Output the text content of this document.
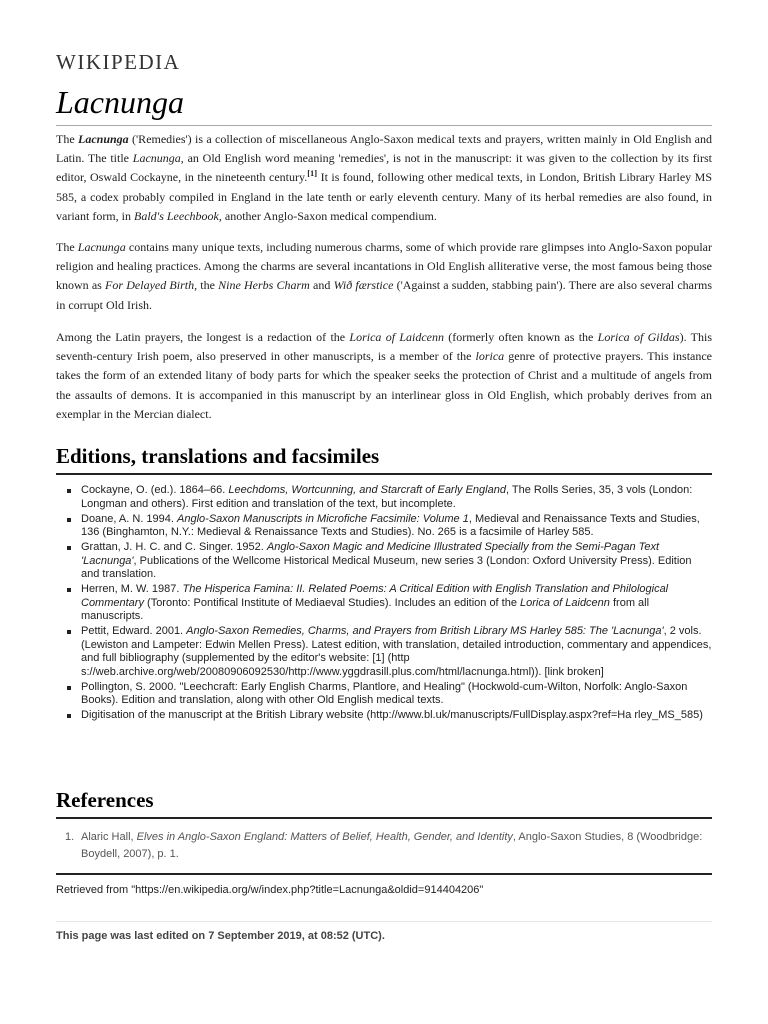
WIKIPEDIA
Lacnunga

The Lacnunga ('Remedies') is a collection of miscellaneous Anglo-Saxon medical texts and prayers, written mainly in Old English and Latin. The title Lacnunga, an Old English word meaning 'remedies', is not in the manuscript: it was given to the collection by its first editor, Oswald Cockayne, in the nineteenth century.[1] It is found, following other medical texts, in London, British Library Harley MS 585, a codex probably compiled in England in the late tenth or early eleventh century. Many of its herbal remedies are also found, in variant form, in Bald's Leechbook, another Anglo-Saxon medical compendium.

The Lacnunga contains many unique texts, including numerous charms, some of which provide rare glimpses into Anglo-Saxon popular religion and healing practices. Among the charms are several incantations in Old English alliterative verse, the most famous being those known as For Delayed Birth, the Nine Herbs Charm and Wið færstice ('Against a sudden, stabbing pain'). There are also several charms in corrupt Old Irish.

Among the Latin prayers, the longest is a redaction of the Lorica of Laidcenn (formerly often known as the Lorica of Gildas). This seventh-century Irish poem, also preserved in other manuscripts, is a member of the lorica genre of protective prayers. This instance takes the form of an extended litany of body parts for which the speaker seeks the protection of Christ and a multitude of angels from the assaults of demons. It is accompanied in this manuscript by an interlinear gloss in Old English, which probably derives from an exemplar in the Mercian dialect.

Editions, translations and facsimiles
Cockayne, O. (ed.). 1864–66. Leechdoms, Wortcunning, and Starcraft of Early England, The Rolls Series, 35, 3 vols (London: Longman and others). First edition and translation of the text, but incomplete.
Doane, A. N. 1994. Anglo-Saxon Manuscripts in Microfiche Facsimile: Volume 1, Medieval and Renaissance Texts and Studies, 136 (Binghamton, N.Y.: Medieval & Renaissance Texts and Studies). No. 265 is a facsimile of Harley 585.
Grattan, J. H. C. and C. Singer. 1952. Anglo-Saxon Magic and Medicine Illustrated Specially from the Semi-Pagan Text 'Lacnunga', Publications of the Wellcome Historical Medical Museum, new series 3 (London: Oxford University Press). Edition and translation.
Herren, M. W. 1987. The Hisperica Famina: II. Related Poems: A Critical Edition with English Translation and Philological Commentary (Toronto: Pontifical Institute of Mediaeval Studies). Includes an edition of the Lorica of Laidcenn from all manuscripts.
Pettit, Edward. 2001. Anglo-Saxon Remedies, Charms, and Prayers from British Library MS Harley 585: The 'Lacnunga', 2 vols. (Lewiston and Lampeter: Edwin Mellen Press). Latest edition, with translation, detailed introduction, commentary and appendices, and full bibliography (supplemented by the editor's website: [1] (http s://web.archive.org/web/20080906092530/http://www.yggdrasill.plus.com/html/lacnunga.html)). [link broken]
Pollington, S. 2000. "Leechcraft: Early English Charms, Plantlore, and Healing" (Hockwold-cum-Wilton, Norfolk: Anglo-Saxon Books). Edition and translation, along with other Old English medical texts.
Digitisation of the manuscript at the British Library website (http://www.bl.uk/manuscripts/FullDisplay.aspx?ref=Ha rley_MS_585)
References
1. Alaric Hall, Elves in Anglo-Saxon England: Matters of Belief, Health, Gender, and Identity, Anglo-Saxon Studies, 8 (Woodbridge: Boydell, 2007), p. 1.
Retrieved from "https://en.wikipedia.org/w/index.php?title=Lacnunga&oldid=914404206"
This page was last edited on 7 September 2019, at 08:52 (UTC).
